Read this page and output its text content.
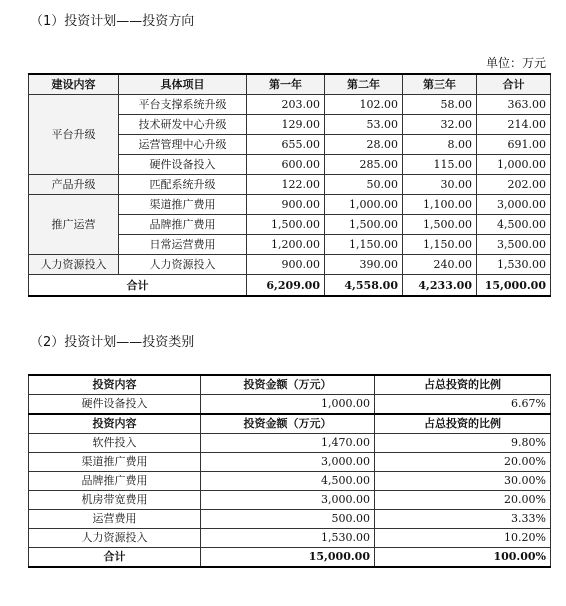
（1）投资计划——投资方向
单位：万元
建设内容	具体项目	第一年	第二年	第三年	合计
平台升级	平台支撑系统升级	203.00	102.00	58.00	363.00
	技术研发中心升级	129.00	53.00	32.00	214.00
	运营管理中心升级	655.00	28.00	8.00	691.00
	硬件设备投入	600.00	285.00	115.00	1,000.00
产品升级	匹配系统升级	122.00	50.00	30.00	202.00
推广运营	渠道推广费用	900.00	1,000.00	1,100.00	3,000.00
	品牌推广费用	1,500.00	1,500.00	1,500.00	4,500.00
	日常运营费用	1,200.00	1,150.00	1,150.00	3,500.00
人力资源投入	人力资源投入	900.00	390.00	240.00	1,530.00
合计		6,209.00	4,558.00	4,233.00	15,000.00
（2）投资计划——投资类别
投资内容	投资金额（万元）	占总投资的比例
硬件设备投入	1,000.00	6.67%
投资内容	投资金额（万元）	占总投资的比例
软件投入	1,470.00	9.80%
渠道推广费用	3,000.00	20.00%
品牌推广费用	4,500.00	30.00%
机房带宽费用	3,000.00	20.00%
运营费用	500.00	3.33%
人力资源投入	1,530.00	10.20%
合计	15,000.00	100.00%
